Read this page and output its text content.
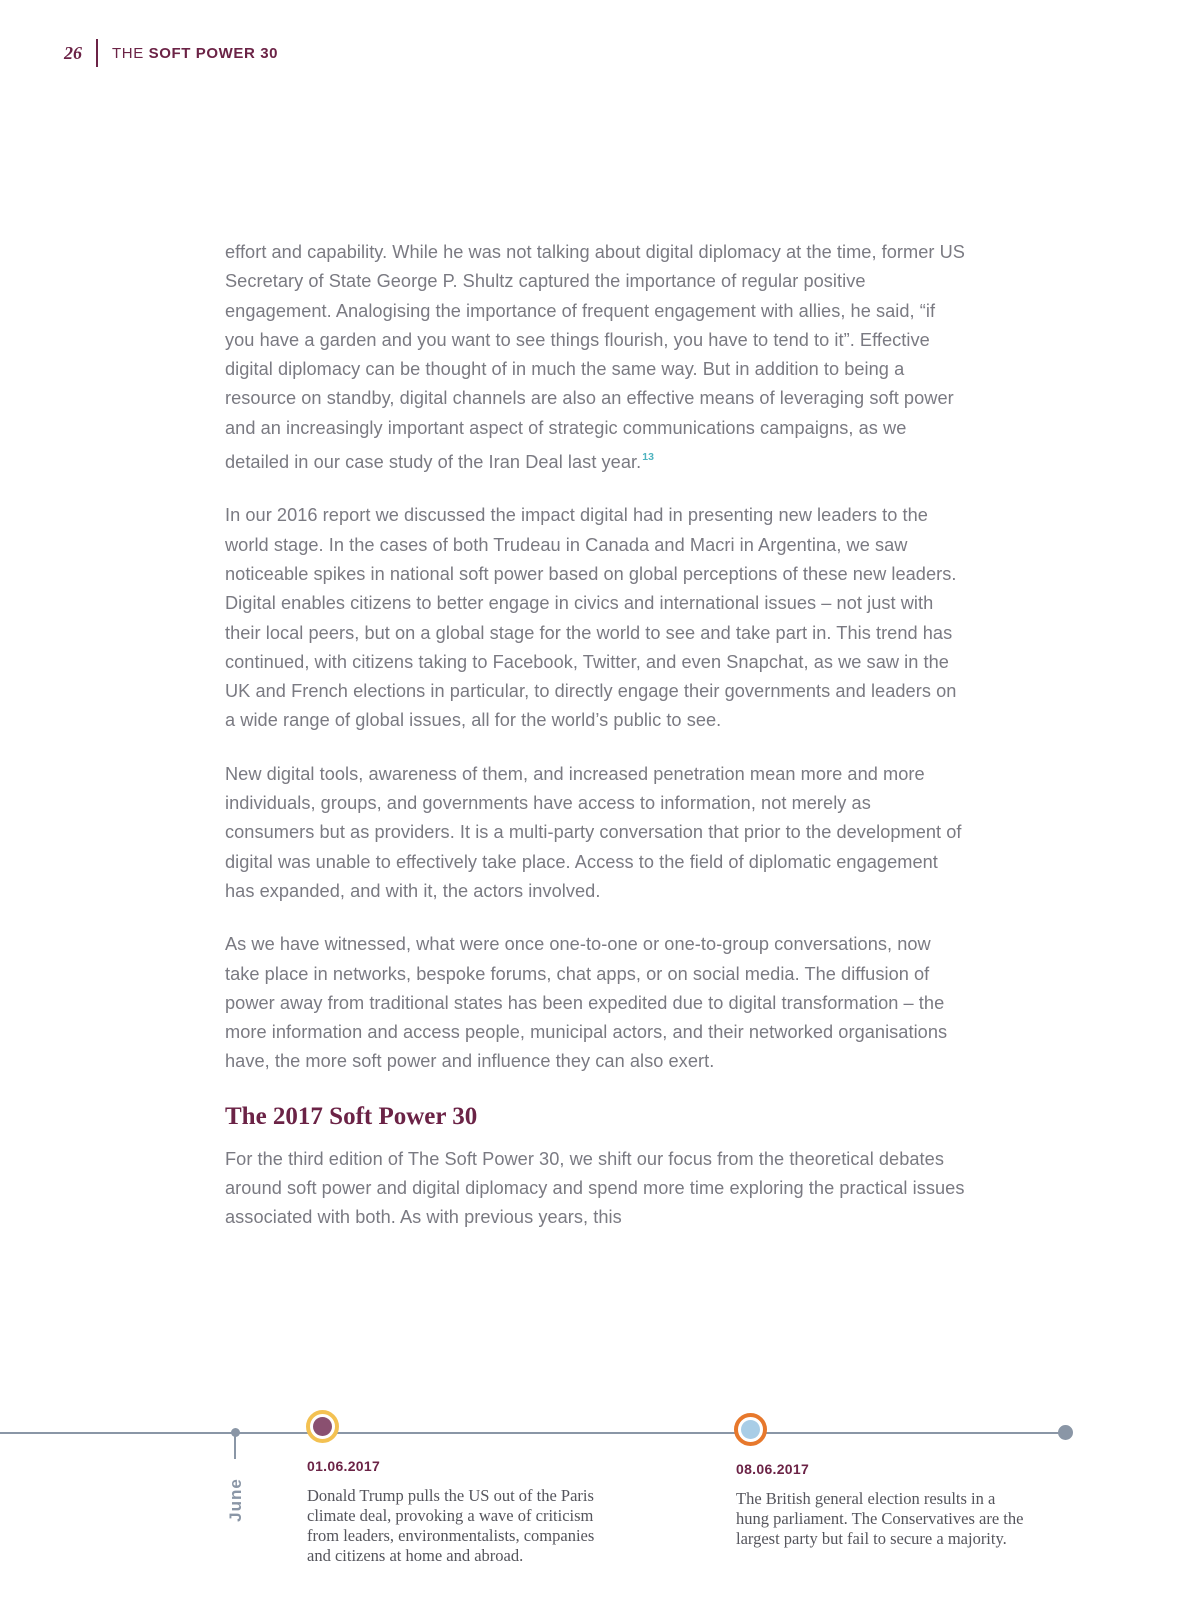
26 THE SOFT POWER 30

effort and capability. While he was not talking about digital diplomacy at the time, former US Secretary of State George P. Shultz captured the importance of regular positive engagement. Analogising the importance of frequent engagement with allies, he said, “if you have a garden and you want to see things flourish, you have to tend to it”. Effective digital diplomacy can be thought of in much the same way. But in addition to being a resource on standby, digital channels are also an effective means of leveraging soft power and an increasingly important aspect of strategic communications campaigns, as we detailed in our case study of the Iran Deal last year.$^{13}$

In our 2016 report we discussed the impact digital had in presenting new leaders to the world stage. In the cases of both Trudeau in Canada and Macri in Argentina, we saw noticeable spikes in national soft power based on global perceptions of these new leaders. Digital enables citizens to better engage in civics and international issues – not just with their local peers, but on a global stage for the world to see and take part in. This trend has continued, with citizens taking to Facebook, Twitter, and even Snapchat, as we saw in the UK and French elections in particular, to directly engage their governments and leaders on a wide range of global issues, all for the world’s public to see.

New digital tools, awareness of them, and increased penetration mean more and more individuals, groups, and governments have access to information, not merely as consumers but as providers. It is a multi-party conversation that prior to the development of digital was unable to effectively take place. Access to the field of diplomatic engagement has expanded, and with it, the actors involved.

As we have witnessed, what were once one-to-one or one-to-group conversations, now take place in networks, bespoke forums, chat apps, or on social media. The diffusion of power away from traditional states has been expedited due to digital transformation – the more information and access people, municipal actors, and their networked organisations have, the more soft power and influence they can also exert.

The 2017 Soft Power 30

For the third edition of The Soft Power 30, we shift our focus from the theoretical debates around soft power and digital diplomacy and spend more time exploring the practical issues associated with both. As with previous years, this

June
01.06.2017
Donald Trump pulls the US out of the Paris climate deal, provoking a wave of criticism from leaders, environmentalists, companies and citizens at home and abroad.
08.06.2017
The British general election results in a hung parliament. The Conservatives are the largest party but fail to secure a majority.
